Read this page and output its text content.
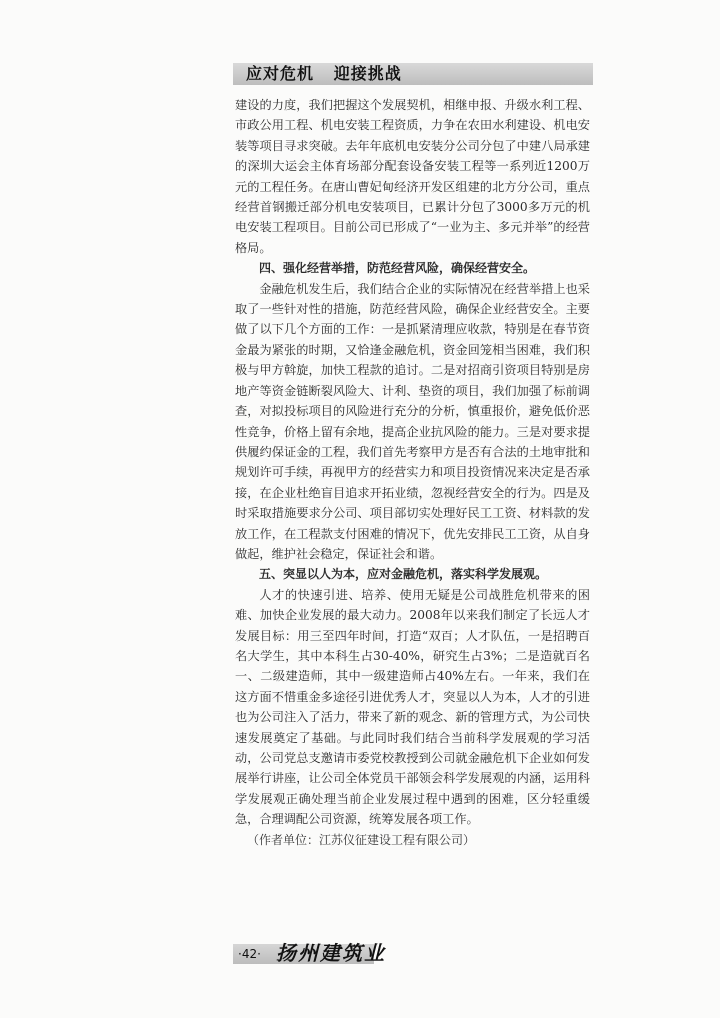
应对危机   迎接挑战

建设的力度，我们把握这个发展契机，相继申报、升级水利工程、市政公用工程、机电安装工程资质，力争在农田水利建设、机电安装等项目寻求突破。去年年底机电安装分公司分包了中建八局承建的深圳大运会主体育场部分配套设备安装工程等一系列近1200万元的工程任务。在唐山曹妃甸经济开发区组建的北方分公司，重点经营首钢搬迁部分机电安装项目，已累计分包了3000多万元的机电安装工程项目。目前公司已形成了“一业为主、多元并举”的经营格局。

四、强化经营举措，防范经营风险，确保经营安全。

金融危机发生后，我们结合企业的实际情况在经营举措上也采取了一些针对性的措施，防范经营风险，确保企业经营安全。主要做了以下几个方面的工作：一是抓紧清理应收款，特别是在春节资金最为紧张的时期，又恰逢金融危机，资金回笼相当困难，我们积极与甲方斡旋，加快工程款的追讨。二是对招商引资项目特别是房地产等资金链断裂风险大、计利、垫资的项目，我们加强了标前调查，对拟投标项目的风险进行充分的分析，慎重报价，避免低价恶性竞争，价格上留有余地，提高企业抗风险的能力。三是对要求提供履约保证金的工程，我们首先考察甲方是否有合法的土地审批和规划许可手续，再视甲方的经营实力和项目投资情况来决定是否承接，在企业杜绝盲目追求开拓业绩，忽视经营安全的行为。四是及时采取措施要求分公司、项目部切实处理好民工工资、材料款的发放工作，在工程款支付困难的情况下，优先安排民工工资，从自身做起，维护社会稳定，保证社会和谐。

五、突显以人为本，应对金融危机，落实科学发展观。

人才的快速引进、培养、使用无疑是公司战胜危机带来的困难、加快企业发展的最大动力。2008年以来我们制定了长远人才发展目标：用三至四年时间，打造“双百；人才队伍，一是招聘百名大学生，其中本科生占30-40%，研究生占3%；二是造就百名一、二级建造师，其中一级建造师占40%左右。一年来，我们在这方面不惜重金多途径引进优秀人才，突显以人为本，人才的引进也为公司注入了活力，带来了新的观念、新的管理方式，为公司快速发展奠定了基础。与此同时我们结合当前科学发展观的学习活动，公司党总支邀请市委党校教授到公司就金融危机下企业如何发展举行讲座，让公司全体党员干部领会科学发展观的内涵，运用科学发展观正确处理当前企业发展过程中遇到的困难，区分轻重缓急，合理调配公司资源，统筹发展各项工作。

（作者单位：江苏仪征建设工程有限公司）

·42· 扬州建筑业
